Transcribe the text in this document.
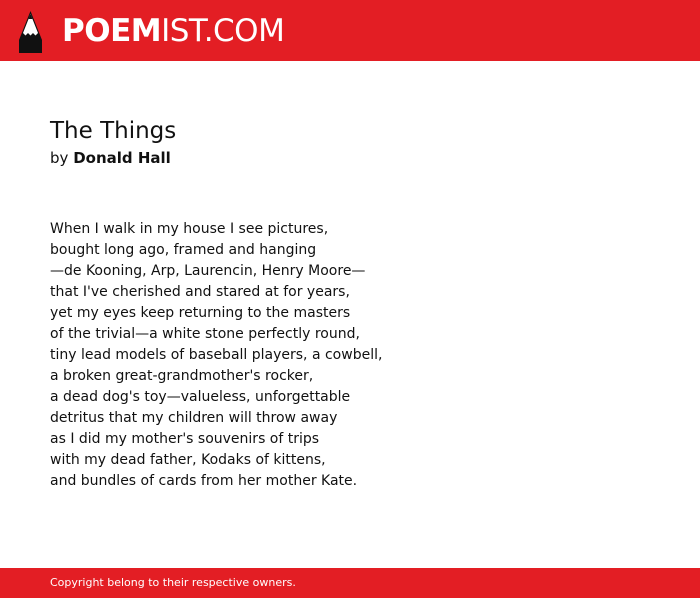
POEMIST.COM
The Things
by Donald Hall
When I walk in my house I see pictures,
bought long ago, framed and hanging
—de Kooning, Arp, Laurencin, Henry Moore—
that I've cherished and stared at for years,
yet my eyes keep returning to the masters
of the trivial—a white stone perfectly round,
tiny lead models of baseball players, a cowbell,
a broken great-grandmother's rocker,
a dead dog's toy—valueless, unforgettable
detritus that my children will throw away
as I did my mother's souvenirs of trips
with my dead father, Kodaks of kittens,
and bundles of cards from her mother Kate.
Copyright belong to their respective owners.
